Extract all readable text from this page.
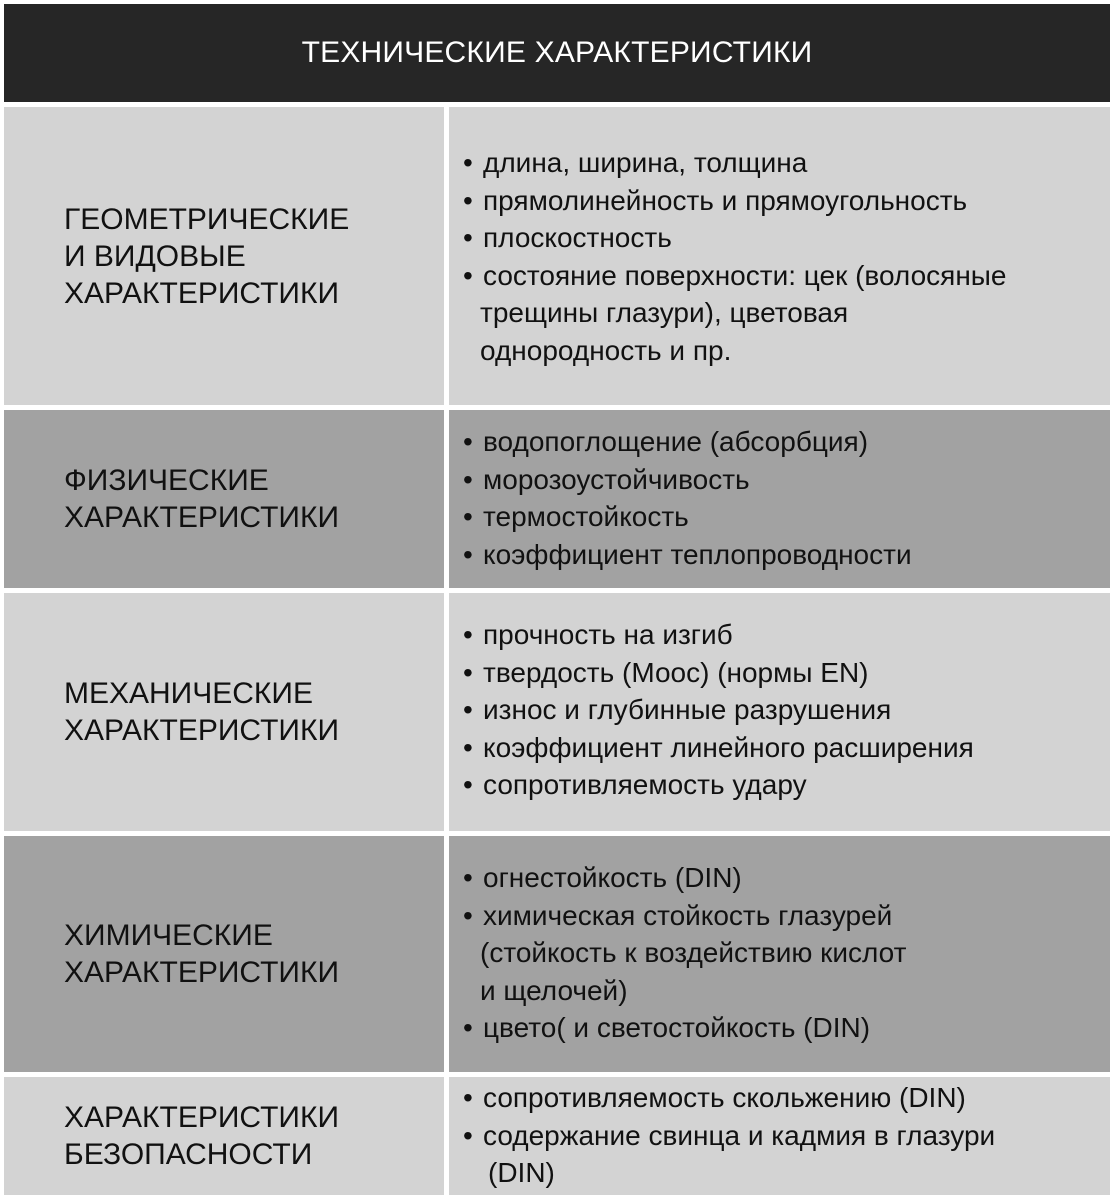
ТЕХНИЧЕСКИЕ ХАРАКТЕРИСТИКИ
ГЕОМЕТРИЧЕСКИЕ
И ВИДОВЫЕ
ХАРАКТЕРИСТИКИ
• длина, ширина, толщина
• прямолинейность и прямоугольность
• плоскостность
• состояние поверхности: цек (волосяные
трещины глазури), цветовая
однородность и пр.
ФИЗИЧЕСКИЕ
ХАРАКТЕРИСТИКИ
• водопоглощение (абсорбция)
• морозоустойчивость
• термостойкость
• коэффициент теплопроводности
МЕХАНИЧЕСКИЕ
ХАРАКТЕРИСТИКИ
• прочность на изгиб
• твердость (Моос) (нормы EN)
• износ и глубинные разрушения
• коэффициент линейного расширения
• сопротивляемость удару
ХИМИЧЕСКИЕ
ХАРАКТЕРИСТИКИ
• огнестойкость (DIN)
• химическая стойкость глазурей
(стойкость к воздействию кислот
и щелочей)
• цвето( и светостойкость (DIN)
ХАРАКТЕРИСТИКИ
БЕЗОПАСНОСТИ
• сопротивляемость скольжению (DIN)
• содержание свинца и кадмия в глазури
(DIN)
